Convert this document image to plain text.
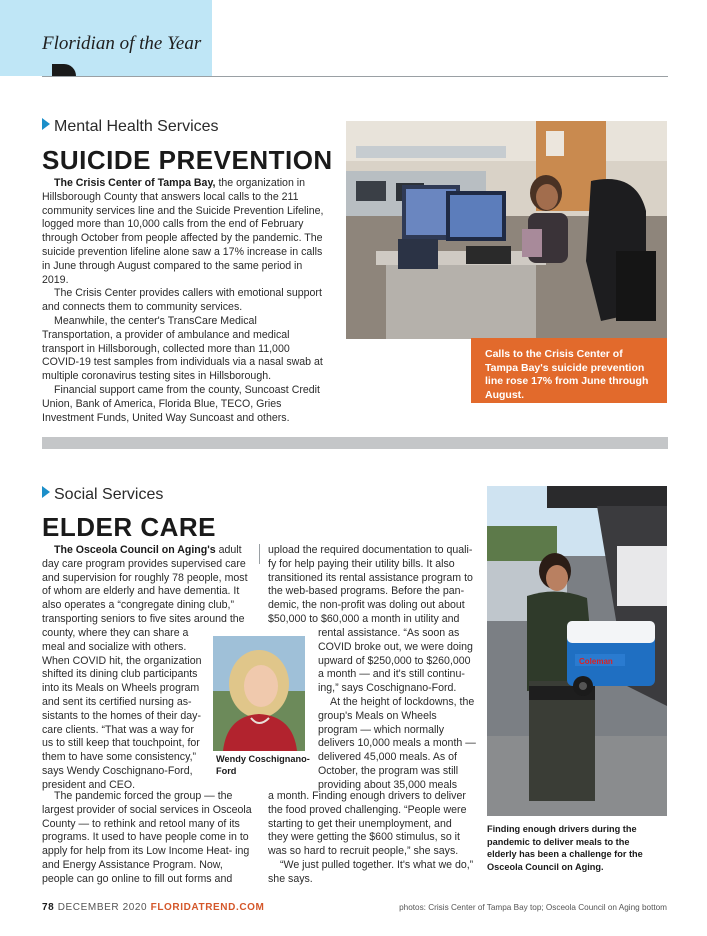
Floridian of the Year
Mental Health Services
SUICIDE PREVENTION

The Crisis Center of Tampa Bay, the organization in Hillsborough County that answers local calls to the 211 community services line and the Suicide Prevention Lifeline, logged more than 10,000 calls from the end of February through October from people affected by the pandemic. The suicide prevention lifeline alone saw a 17% increase in calls in June through August compared to the same period in 2019.

The Crisis Center provides callers with emotional support and connects them to community services.

Meanwhile, the center's TransCare Medical Transportation, a provider of ambulance and medical transport in Hillsborough, collected more than 11,000 COVID-19 test samples from individuals via a nasal swab at multiple coronavirus testing sites in Hillsborough.

Financial support came from the county, Suncoast Credit Union, Bank of America, Florida Blue, TECO, Gries Investment Funds, United Way Suncoast and others.

Calls to the Crisis Center of Tampa Bay's suicide prevention line rose 17% from June through August.
Social Services
ELDER CARE

The Osceola Council on Aging's adult day care program provides supervised care and supervision for roughly 78 people, most of whom are elderly and have dementia. It also operates a “congregate dining club,” transporting seniors to five sites around the

county, where they can share a meal and socialize with others. When COVID hit, the organization shifted its dining club participants into its Meals on Wheels program and sent its certified nursing as- sistants to the homes of their day- care clients. “That was a way for us to still keep that touchpoint, for them to have some consistency,” says Wendy Coschignano-Ford, president and CEO.

The pandemic forced the group — the largest provider of social services in Osceola County — to rethink and retool many of its programs. It used to have people come in to apply for help from its Low Income Heat- ing and Energy Assistance Program. Now, people can go online to fill out forms and

Wendy Coschignano-Ford

upload the required documentation to quali- fy for help paying their utility bills. It also transitioned its rental assistance program to the web-based programs. Before the pan- demic, the non-profit was doling out about $50,000 to $60,000 a month in utility and

rental assistance. “As soon as COVID broke out, we were doing upward of $250,000 to $260,000 a month — and it's still continu- ing,” says Coschignano-Ford.

At the height of lockdowns, the group's Meals on Wheels program — which normally delivers 10,000 meals a month — delivered 45,000 meals. As of October, the program was still providing about 35,000 meals

a month. Finding enough drivers to deliver the food proved challenging. “People were starting to get their unemployment, and they were getting the $600 stimulus, so it was so hard to recruit people,” she says.

“We just pulled together. It's what we do,” she says.

Coleman
Finding enough drivers during the pandemic to deliver meals to the elderly has been a challenge for the Osceola Council on Aging.
78 DECEMBER 2020 FLORIDATREND.COM	photos: Crisis Center of Tampa Bay top; Osceola Council on Aging bottom
